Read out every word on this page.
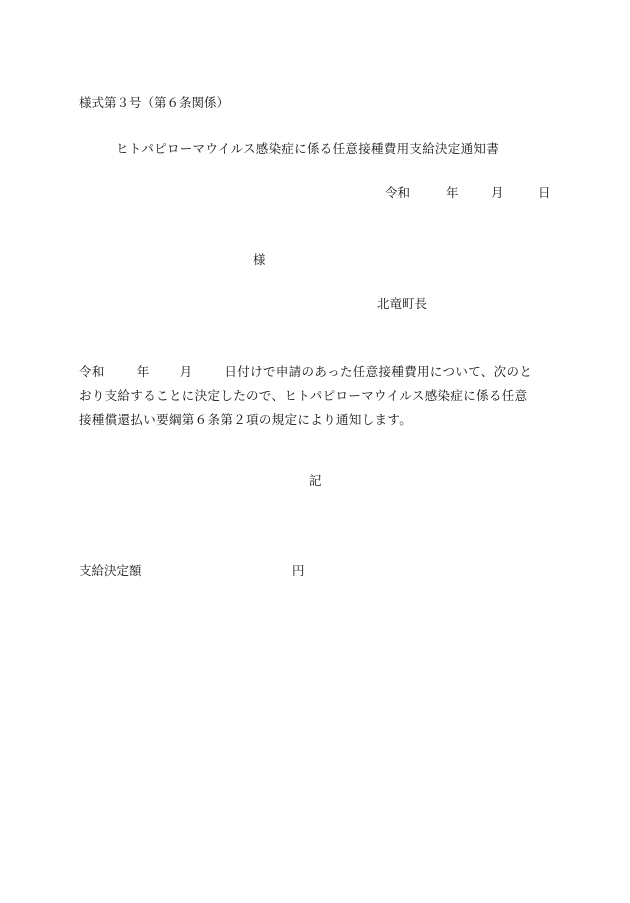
様式第３号（第６条関係）
ヒトパピローマウイルス感染症に係る任意接種費用支給決定通知書
令和	年	月	日
様
北竜町長
令和	年 月	日付けで申請のあった任意接種費用について、次のと
おり支給することに決定したので、ヒトパピローマウイルス感染症に係る任意
接種償還払い要綱第６条第２項の規定により通知します。
記
支給決定額	円
